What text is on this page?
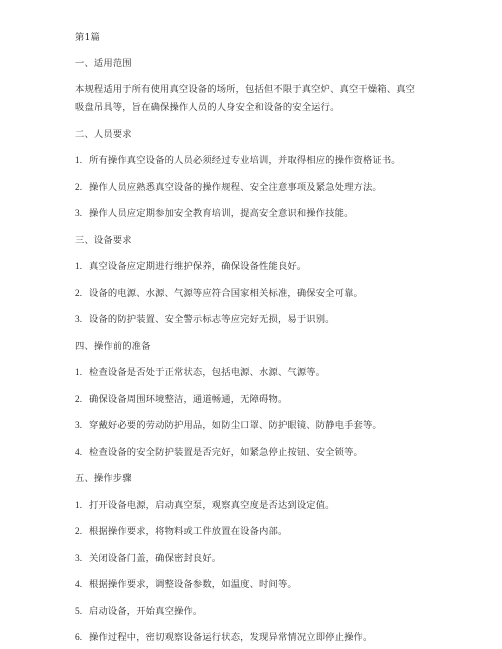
第1篇
一、适用范围
本规程适用于所有使用真空设备的场所，包括但不限于真空炉、真空干燥箱、真空
吸盘吊具等，旨在确保操作人员的人身安全和设备的安全运行。
二、人员要求
1. 所有操作真空设备的人员必须经过专业培训，并取得相应的操作资格证书。
2. 操作人员应熟悉真空设备的操作规程、安全注意事项及紧急处理方法。
3. 操作人员应定期参加安全教育培训，提高安全意识和操作技能。
三、设备要求
1. 真空设备应定期进行维护保养，确保设备性能良好。
2. 设备的电源、水源、气源等应符合国家相关标准，确保安全可靠。
3. 设备的防护装置、安全警示标志等应完好无损，易于识别。
四、操作前的准备
1. 检查设备是否处于正常状态，包括电源、水源、气源等。
2. 确保设备周围环境整洁，通道畅通，无障碍物。
3. 穿戴好必要的劳动防护用品，如防尘口罩、防护眼镜、防静电手套等。
4. 检查设备的安全防护装置是否完好，如紧急停止按钮、安全锁等。
五、操作步骤
1. 打开设备电源，启动真空泵，观察真空度是否达到设定值。
2. 根据操作要求，将物料或工件放置在设备内部。
3. 关闭设备门盖，确保密封良好。
4. 根据操作要求，调整设备参数，如温度、时间等。
5. 启动设备，开始真空操作。
6. 操作过程中，密切观察设备运行状态，发现异常情况立即停止操作。
